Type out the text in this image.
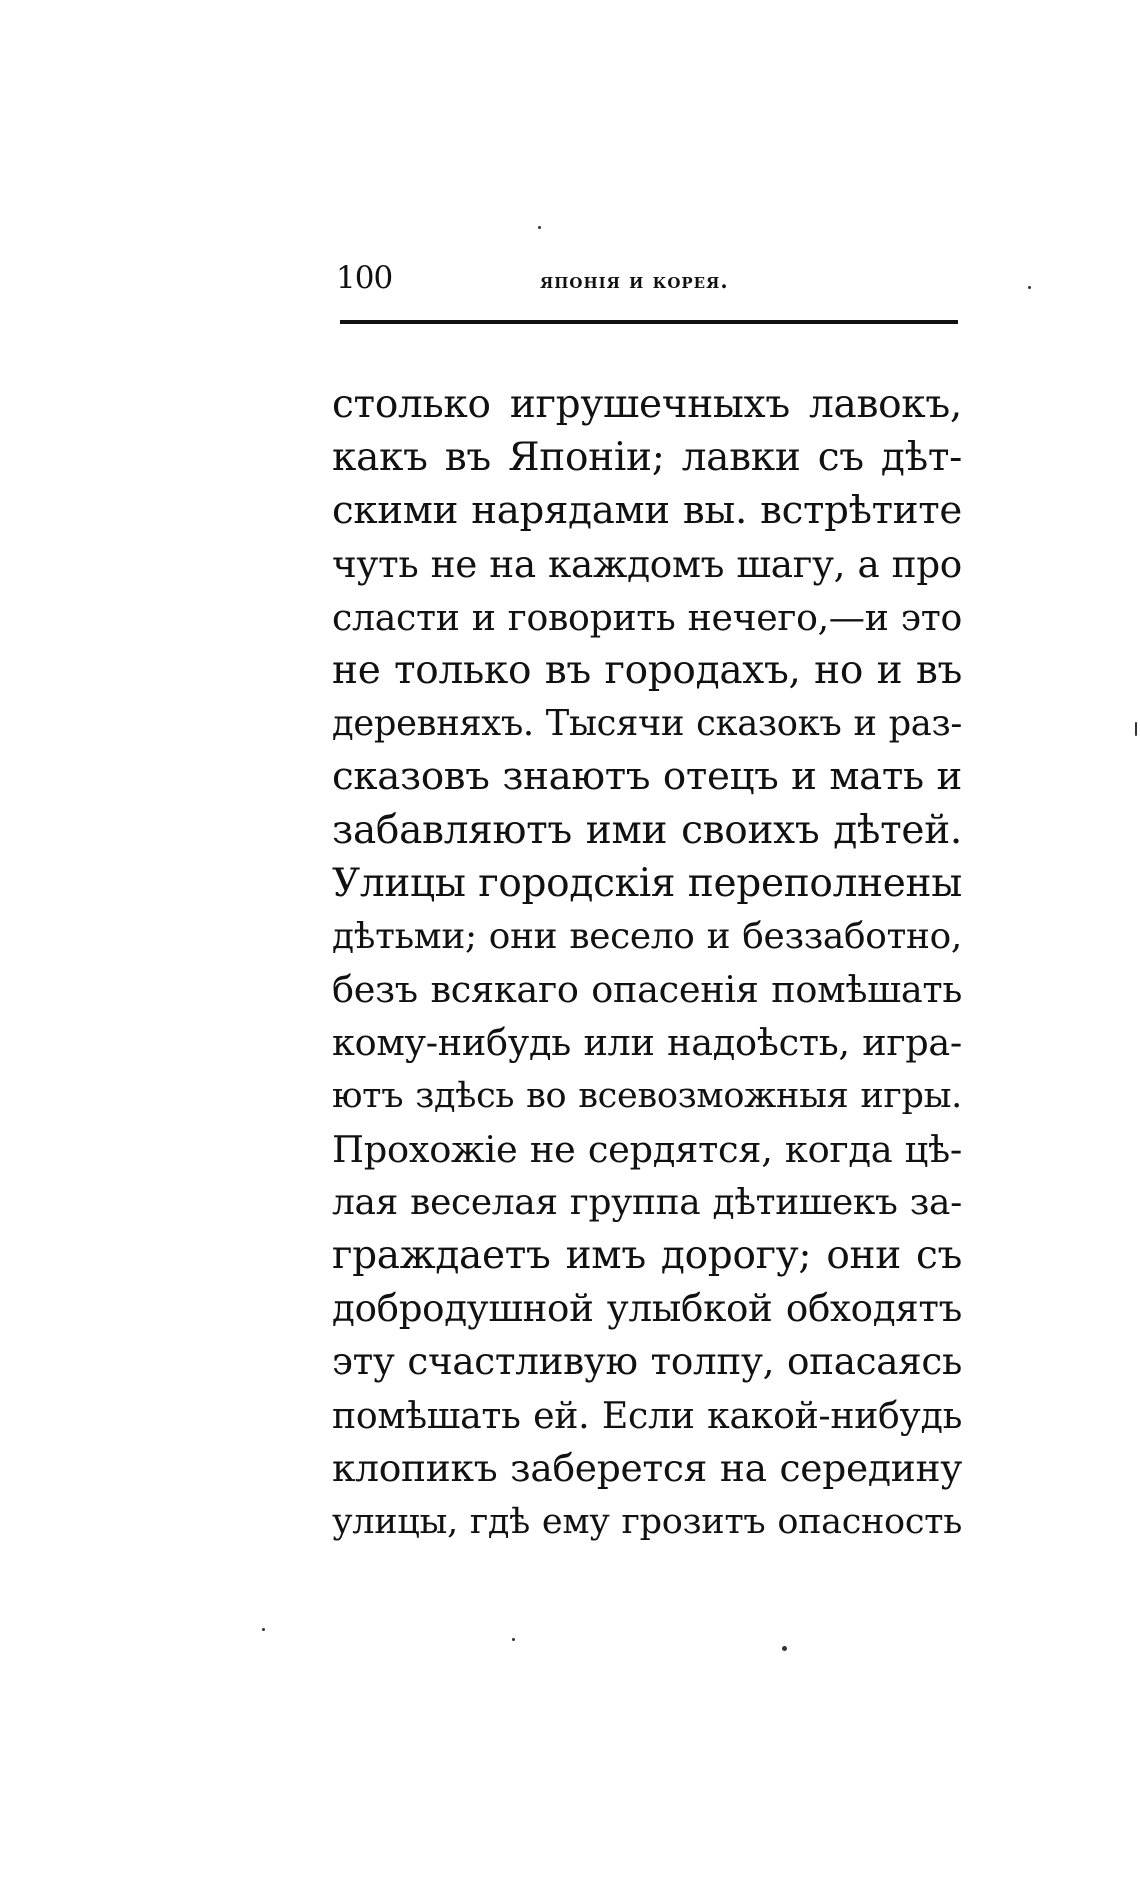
100	японія и корея.
столько игрушечныхъ лавокъ,
какъ въ Японіи; лавки съ дѣт-
скими нарядами вы. встрѣтите
чуть не на каждомъ шагу, а про
сласти и говорить нечего,—и это
не только въ городахъ, но и въ
деревняхъ. Тысячи сказокъ и раз-
сказовъ знаютъ отецъ и мать и
забавляютъ ими своихъ дѣтей.
Улицы городскія переполнены
дѣтьми; они весело и беззаботно,
безъ всякаго опасенія помѣшать
кому-нибудь или надоѣсть, игра-
ютъ здѣсь во всевозможныя игры.
Прохожіе не сердятся, когда цѣ-
лая веселая группа дѣтишекъ за-
граждаетъ имъ дорогу; они съ
добродушной улыбкой обходятъ
эту счастливую толпу, опасаясь
помѣшать ей. Если какой-нибудь
клопикъ заберется на середину
улицы, гдѣ ему грозитъ опасность
